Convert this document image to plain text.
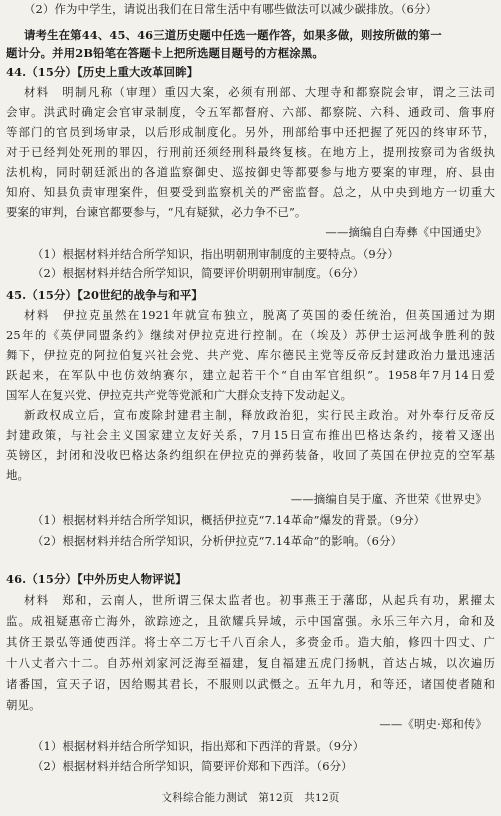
（2）作为中学生，请说出我们在日常生活中有哪些做法可以减少碳排放。（6分）
请考生在第44、45、46三道历史题中任选一题作答，如果多做，则按所做的第一
题计分。并用2B铅笔在答题卡上把所选题目题号的方框涂黑。
44.（15分）【历史上重大改革回眸】
材料　明制凡称（审理）重囚大案，必须有刑部、大理寺和都察院会审，谓之三法司
会审。洪武时确定会官审录制度，令五军都督府、六部、都察院、六科、通政司、詹事府
等部门的官员到场审录，以后形成制度化。另外，刑部给事中还把握了死囚的终审环节，
对于已经判处死刑的罪囚，行刑前还须经刑科最终复核。在地方上，提刑按察司为省级执
法机构，同时朝廷派出的各道监察御史、巡按御史等都要参与地方要案的审理，府、县由
知府、知县负责审理案件，但要受到监察机关的严密监督。总之，从中央到地方一切重大
要案的审判，台谏官都要参与，“凡有疑狱，必力争不已”。
——摘编自白寿彝《中国通史》
（1）根据材料并结合所学知识，指出明朝刑审制度的主要特点。（9分）
（2）根据材料并结合所学知识，简要评价明朝刑审制度。（6分）
45.（15分）【20世纪的战争与和平】
材料　伊拉克虽然在1921年就宣布独立，脱离了英国的委任统治，但英国通过为期
25年的《英伊同盟条约》继续对伊拉克进行控制。在（埃及）苏伊士运河战争胜利的鼓
舞下，伊拉克的阿拉伯复兴社会党、共产党、库尔德民主党等反帝反封建政治力量迅速活
跃起来，在军队中也仿效纳赛尔，建立起若干个“自由军官组织”。1958年7月14日爱
国军人在复兴党、伊拉克共产党等党派和广大群众支持下发动起义。
新政权成立后，宣布废除封建君主制，释放政治犯，实行民主政治。对外奉行反帝反
封建政策，与社会主义国家建立友好关系，7月15日宣布推出巴格达条约，接着又逐出
英镑区，封闭和没收巴格达条约组织在伊拉克的弹药装备，收回了英国在伊拉克的空军基
地。
——摘编自吴于廑、齐世荣《世界史》
（1）根据材料并结合所学知识，概括伊拉克“7.14革命”爆发的背景。（9分）
（2）根据材料并结合所学知识，分析伊拉克“7.14革命”的影响。（6分）
46.（15分）【中外历史人物评说】
材料　郑和，云南人，世所谓三保太监者也。初事燕王于藩邸，从起兵有功，累擢太
监。成祖疑惠帝亡海外，欲踪迹之，且欲耀兵异域，示中国富强。永乐三年六月，命和及
其侪王景弘等通使西洋。将士卒二万七千八百余人，多赍金币。造大舶，修四十四丈、广
十八丈者六十二。自苏州刘家河泛海至福建，复自福建五虎门扬帆，首达占城，以次遍历
诸番国，宣天子诏，因给赐其君长，不服则以武慑之。五年九月，和等还，诸国使者随和
朝见。
——《明史·郑和传》
（1）根据材料并结合所学知识，指出郑和下西洋的背景。（9分）
（2）根据材料并结合所学知识，简要评价郑和下西洋。（6分）
文科综合能力测试　第12页　共12页
